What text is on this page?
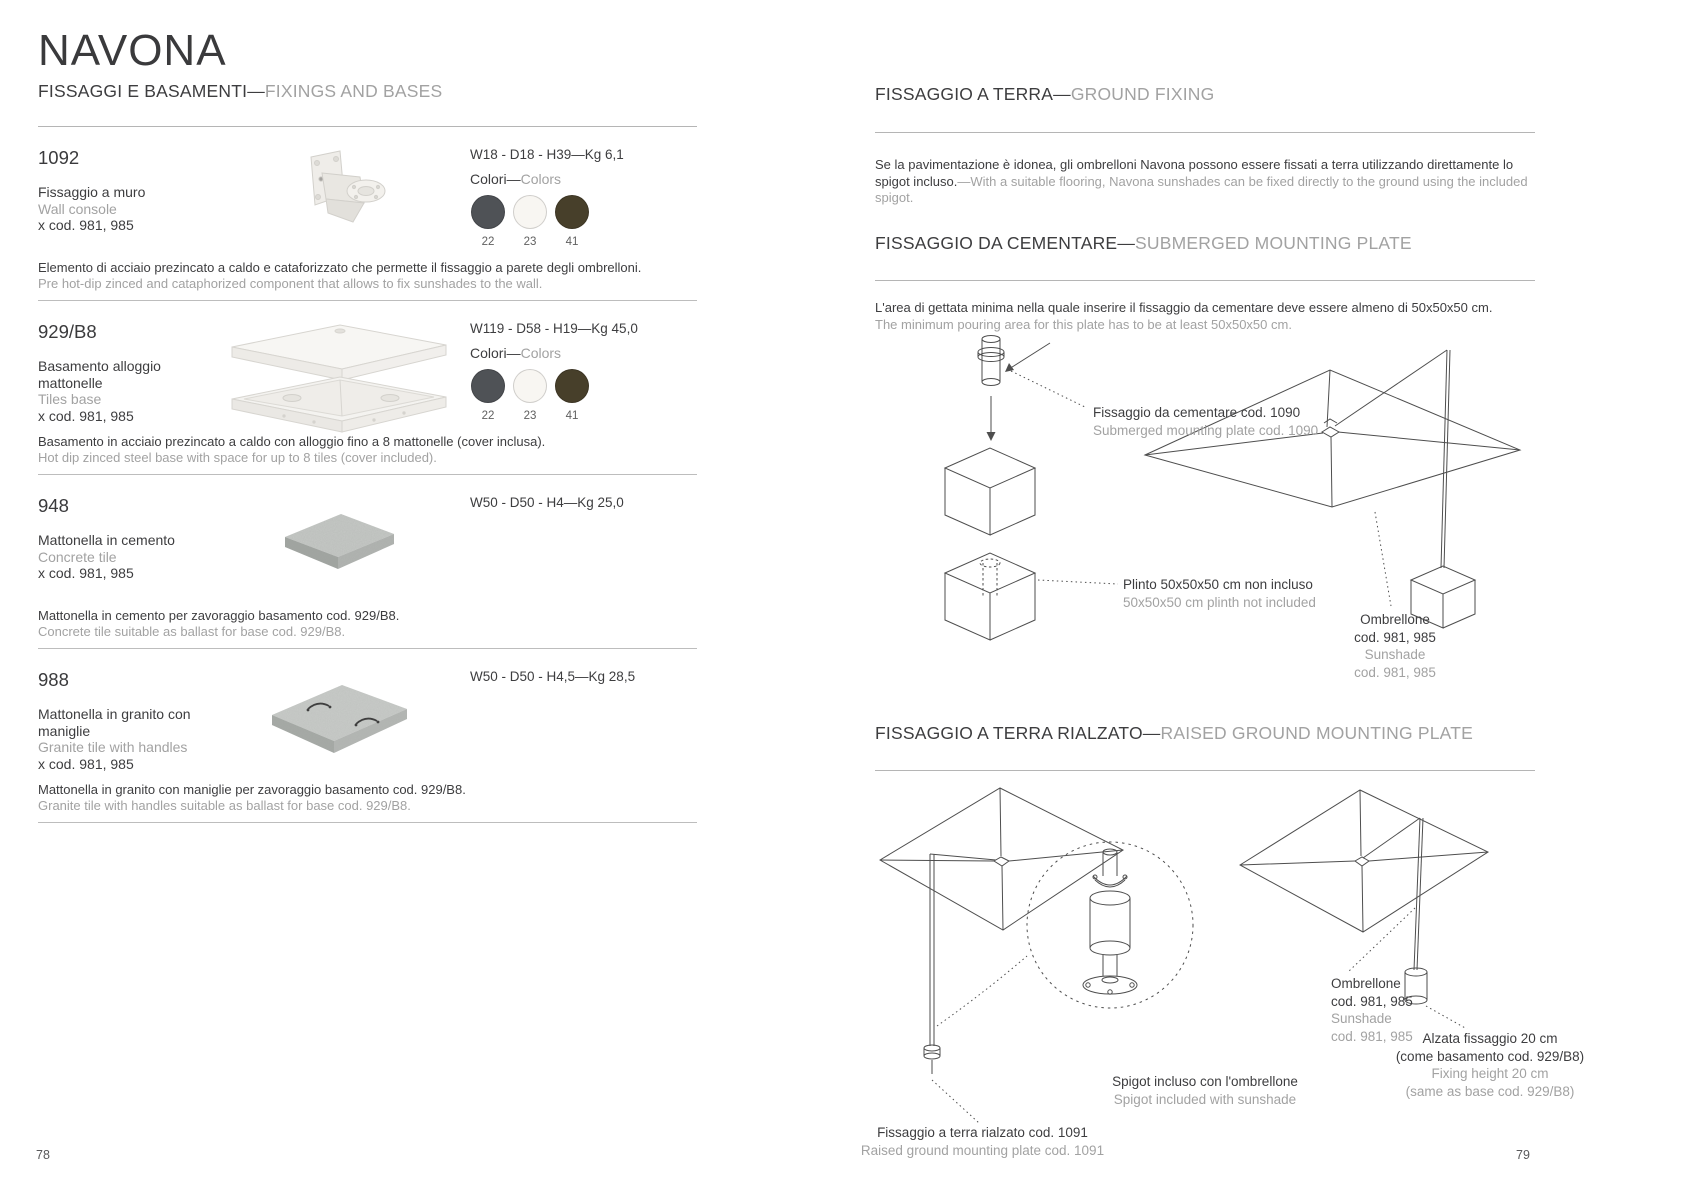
NAVONA
FISSAGGI E BASAMENTI—FIXINGS AND BASES
1092
Fissaggio a muro
Wall console
x cod. 981, 985
W18 - D18 - H39—Kg 6,1
Colori—Colors
22	23	41
Elemento di acciaio prezincato a caldo e cataforizzato che permette il fissaggio a parete degli ombrelloni.
Pre hot-dip zinced and cataphorized component that allows to fix sunshades to the wall.
929/B8
Basamento alloggio mattonelle
Tiles base
x cod. 981, 985
W119 - D58 - H19—Kg 45,0
Colori—Colors
22	23	41
Basamento in acciaio prezincato a caldo con alloggio fino a 8 mattonelle (cover inclusa).
Hot dip zinced steel base with space for up to 8 tiles (cover included).
948
Mattonella in cemento
Concrete tile
x cod. 981, 985
W50 - D50 - H4—Kg 25,0
Mattonella in cemento per zavoraggio basamento cod. 929/B8.
Concrete tile suitable as ballast for base cod. 929/B8.
988
Mattonella in granito con maniglie
Granite tile with handles
x cod. 981, 985
W50 - D50 - H4,5—Kg 28,5
Mattonella in granito con maniglie per zavoraggio basamento cod. 929/B8.
Granite tile with handles suitable as ballast for base cod. 929/B8.
FISSAGGIO A TERRA—GROUND FIXING
Se la pavimentazione è idonea, gli ombrelloni Navona possono essere fissati a terra utilizzando direttamente lo spigot incluso.—With a suitable flooring, Navona sunshades can be fixed directly to the ground using the included spigot.
FISSAGGIO DA CEMENTARE—SUBMERGED MOUNTING PLATE
L'area di gettata minima nella quale inserire il fissaggio da cementare deve essere almeno di 50x50x50 cm.
The minimum pouring area for this plate has to be at least 50x50x50 cm.
Fissaggio da cementare cod. 1090
Submerged mounting plate cod. 1090
Plinto 50x50x50 cm non incluso
50x50x50 cm plinth not included
Ombrellone
cod. 981, 985
Sunshade
cod. 981, 985
FISSAGGIO A TERRA RIALZATO—RAISED GROUND MOUNTING PLATE
Ombrellone
cod. 981, 985
Sunshade
cod. 981, 985 Alzata fissaggio 20 cm
(come basamento cod. 929/B8)
Fixing height 20 cm
(same as base cod. 929/B8)
Spigot incluso con l'ombrellone
Spigot included with sunshade
Fissaggio a terra rialzato cod. 1091
Raised ground mounting plate cod. 1091
78	79
